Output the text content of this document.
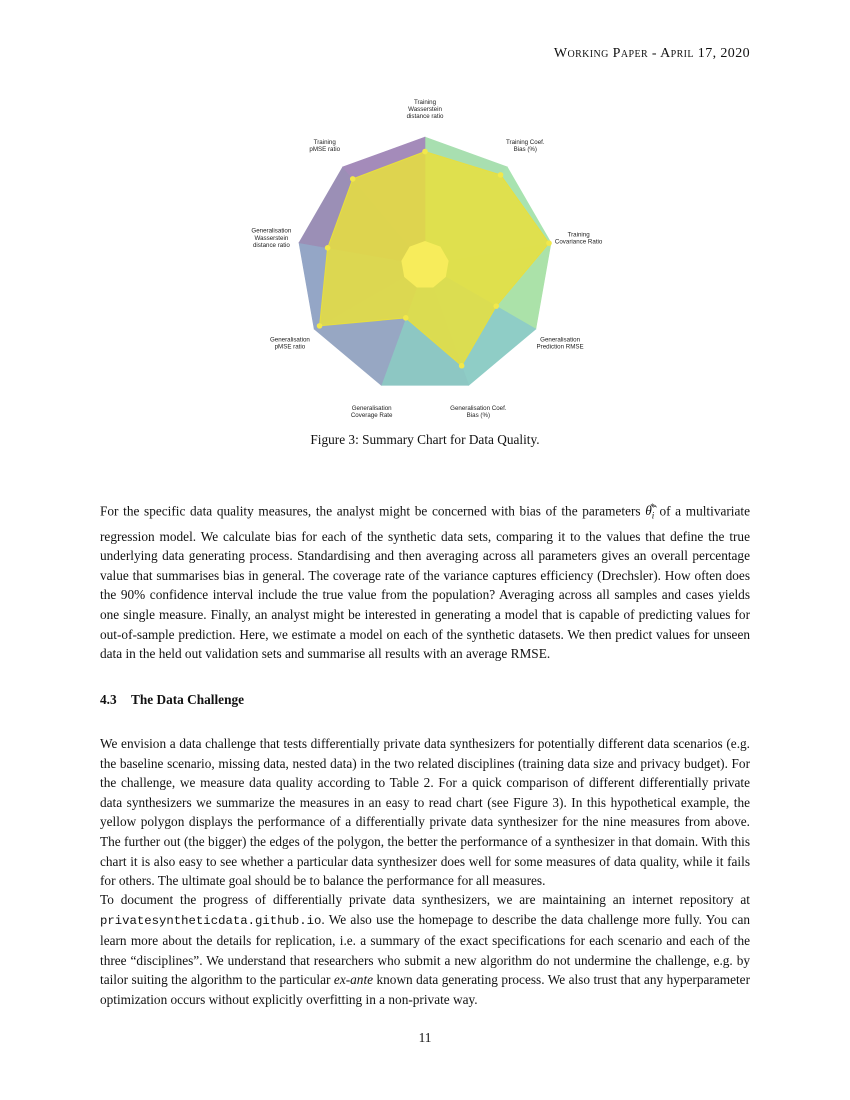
Working Paper - April 17, 2020
Training Wasserstein distance ratio
Training Coef. Bias (%)
Training Covariance Ratio
Generalisation Prediction RMSE
Generalisation Coef. Bias (%)
Generalisation Coverage Rate
Generalisation pMSE ratio
Generalisation Wasserstein distance ratio
Training pMSE ratio
Figure 3: Summary Chart for Data Quality.

For the specific data quality measures, the analyst might be concerned with bias of the parameters $\thetâ_i^*$ of a multivariate regression model. We calculate bias for each of the synthetic data sets, comparing it to the values that define the true underlying data generating process. Standardising and then averaging across all parameters gives an overall percentage value that summarises bias in general. The coverage rate of the variance captures efficiency (Drechsler). How often does the 90% confidence interval include the true value from the population? Averaging across all samples and cases yields one single measure. Finally, an analyst might be interested in generating a model that is capable of predicting values for out-of-sample prediction. Here, we estimate a model on each of the synthetic datasets. We then predict values for unseen data in the held out validation sets and summarise all results with an average RMSE.

4.3 The Data Challenge

We envision a data challenge that tests differentially private data synthesizers for potentially different data scenarios (e.g. the baseline scenario, missing data, nested data) in the two related disciplines (training data size and privacy budget). For the challenge, we measure data quality according to Table 2. For a quick comparison of different differentially private data synthesizers we summarize the measures in an easy to read chart (see Figure 3). In this hypothetical example, the yellow polygon displays the performance of a differentially private data synthesizer for the nine measures from above. The further out (the bigger) the edges of the polygon, the better the performance of a synthesizer in that domain. With this chart it is also easy to see whether a particular data synthesizer does well for some measures of data quality, while it fails for others. The ultimate goal should be to balance the performance for all measures.

To document the progress of differentially private data synthesizers, we are maintaining an internet repository at privatesyntheticdata.github.io. We also use the homepage to describe the data challenge more fully. You can learn more about the details for replication, i.e. a summary of the exact specifications for each scenario and each of the three “disciplines”. We understand that researchers who submit a new algorithm do not undermine the challenge, e.g. by tailor suiting the algorithm to the particular ex-ante known data generating process. We also trust that any hyperparameter optimization occurs without explicitly overfitting in a non-private way.

11
